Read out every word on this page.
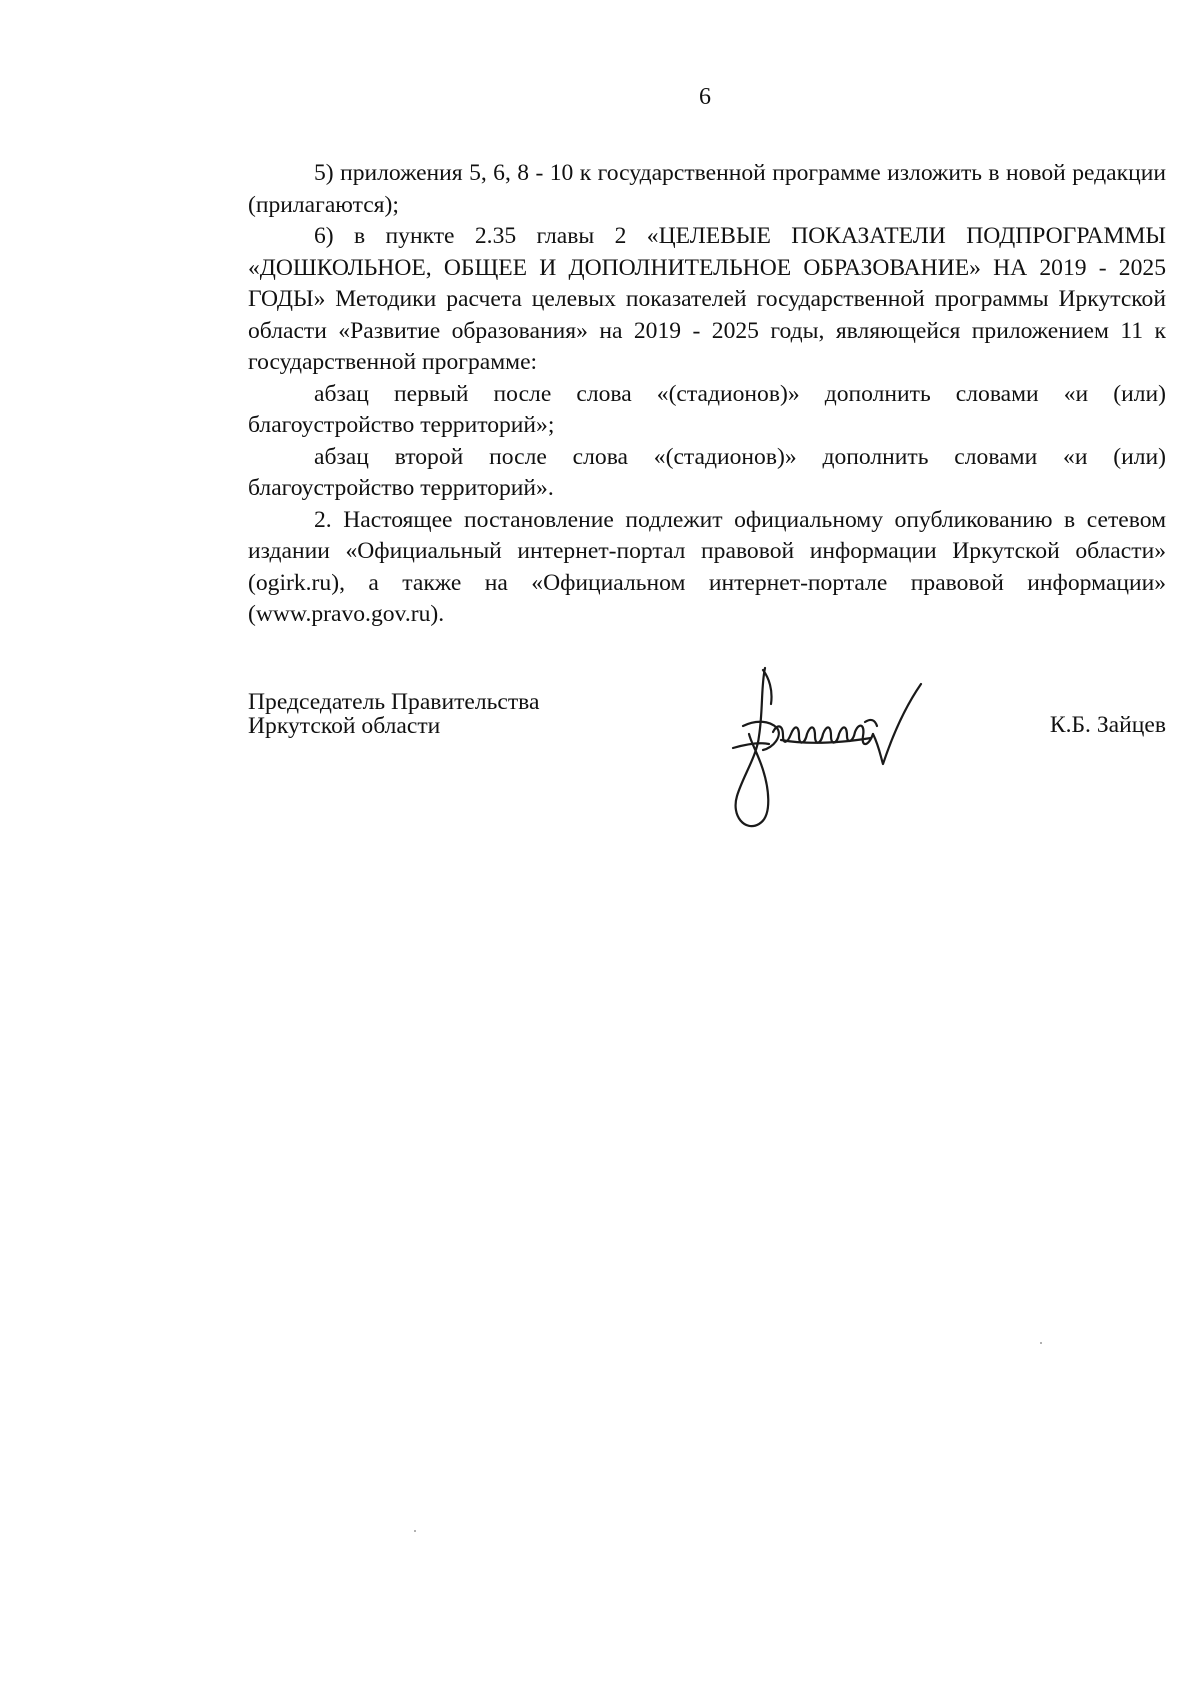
6

5) приложения 5, 6, 8 - 10 к государственной программе изложить в новой редакции (прилагаются);

6) в пункте 2.35 главы 2 «ЦЕЛЕВЫЕ ПОКАЗАТЕЛИ ПОДПРОГРАММЫ «ДОШКОЛЬНОЕ, ОБЩЕЕ И ДОПОЛНИТЕЛЬНОЕ ОБРАЗОВАНИЕ» НА 2019 - 2025 ГОДЫ» Методики расчета целевых показателей государственной программы Иркутской области «Развитие образования» на 2019 - 2025 годы, являющейся приложением 11 к государственной программе:

абзац первый после слова «(стадионов)» дополнить словами «и (или) благоустройство территорий»;

абзац второй после слова «(стадионов)» дополнить словами «и (или) благоустройство территорий».

2. Настоящее постановление подлежит официальному опубликованию в сетевом издании «Официальный интернет-портал правовой информации Иркутской области» (ogirk.ru), а также на «Официальном интернет-портале правовой информации» (www.pravo.gov.ru).

Председатель Правительства
Иркутской области	К.Б. Зайцев
